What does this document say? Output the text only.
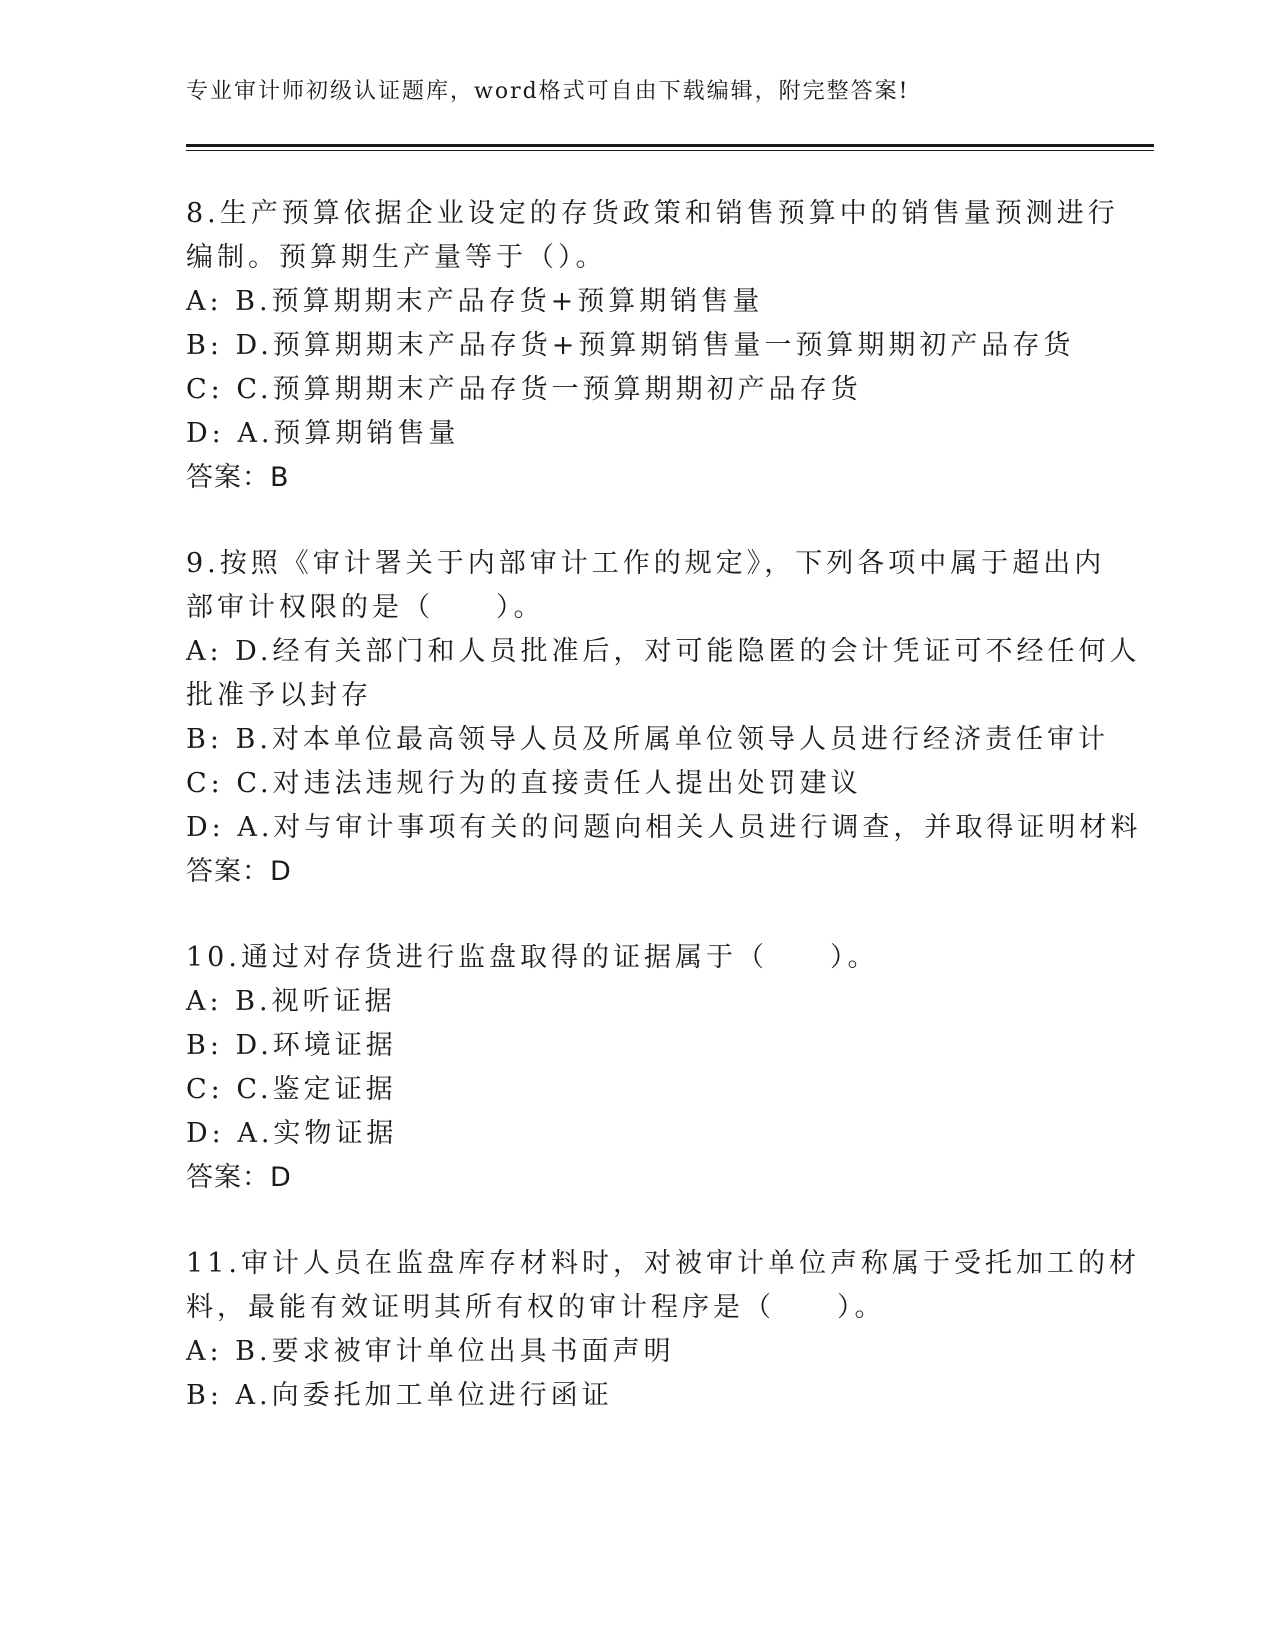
专业审计师初级认证题库，word格式可自由下载编辑，附完整答案!
8.生产预算依据企业设定的存货政策和销售预算中的销售量预测进行
编制。预算期生产量等于（）。
A: B.预算期期末产品存货+预算期销售量
B: D.预算期期末产品存货+预算期销售量一预算期期初产品存货
C: C.预算期期末产品存货一预算期期初产品存货
D: A.预算期销售量
答案：B
9.按照《审计署关于内部审计工作的规定》，下列各项中属于超出内
部审计权限的是（　　）。
A: D.经有关部门和人员批准后，对可能隐匿的会计凭证可不经任何人
批准予以封存
B: B.对本单位最高领导人员及所属单位领导人员进行经济责任审计
C: C.对违法违规行为的直接责任人提出处罚建议
D: A.对与审计事项有关的问题向相关人员进行调查，并取得证明材料
答案：D
10.通过对存货进行监盘取得的证据属于（　　）。
A: B.视听证据
B: D.环境证据
C: C.鉴定证据
D: A.实物证据
答案：D
11.审计人员在监盘库存材料时，对被审计单位声称属于受托加工的材
料，最能有效证明其所有权的审计程序是（　　）。
A: B.要求被审计单位出具书面声明
B: A.向委托加工单位进行函证
